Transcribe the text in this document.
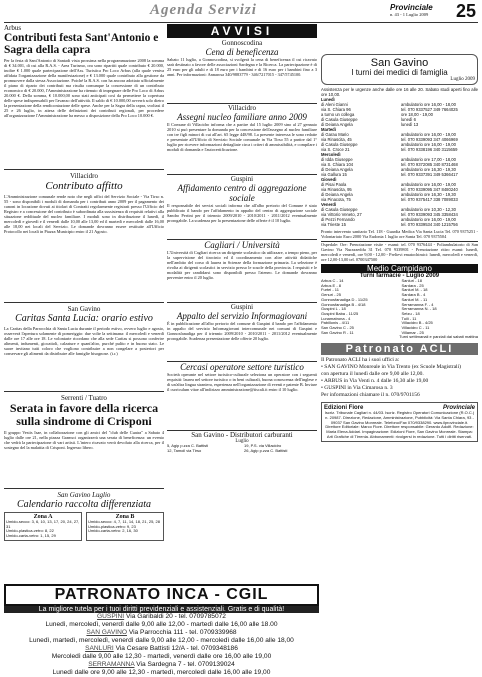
Agenda Servizi	Provinciale
n. 43 - 1 Luglio 2009 25
Arbus
Contributi festa Sant'Antonio e Sagra della capra
Per la festa di Sant'Antonio di Santadi vista prossima nella programmazione 2008 la somma di € 34.001, di cui alla R.A.S. - Area Turismo, ora sono ripartiti quale contributo € 20.000, inoltre € 1.000 quale partecipazione dell'Ass. Turistica Pro Loco Arbus (alla quale veniva affidata l'organizzazione della manifestazione) e € 13.000 quale contributo alla gestione da promuovere dalla stessa Associazione. Poiché la R.A.S. con ha ancora adottato ufficialmente il piano di riparto dei contributi ma risulta comunque la concessione di un contributo economico di € 20.000, l'Amministrazione ha ritenuto di impegnare delle Pro Loco di Arbus 20.000 €. Della somma, € 10.000,00 sono stati anticipati così da permettere la copertura delle spese indispensabili per l'avanzo dell'attività. Il saldo di € 10.000,00 avverrà solo dietro la presentazione della rendicontazione delle spese. Anche per la Sagra della capra, svoltasi il 25 e 26 luglio, in attesa delle definizioni dei contributi regionali, per procedere all'organizzazione l'Amministrazione ha messo a disposizione della Pro Loco 10.000 €.
Villacidro
Contributo affitto
L'Amministrazione comunale rende noto che negli uffici del Servizio Sociale - Via Tirso n. 55 - sono disponibili i moduli di domanda per i contributi anno 2009 per il pagamento dei canoni in locazione dovuti ai titolari di Contratti regolarmente registrati presso l'Ufficio del Registro e a concessione del contributo è subordinata alla sussistenza di requisiti relativi alla situazione reddituale del nucleo familiare. I moduli sono in distribuzione il lunedì, il mercoledì e giovedì e il venerdì dalle 10,00 alle 13,00 ed il martedì e mercoledì dalle 16,00 alle 18,00 nei locali del Servizio. Le domande dovranno essere restituite all'Ufficio Protocollo nei locali in Piazza Municipio entro il 21 Agosto.
San Gavino
Caritas Santa Lucia: orario estivo
La Caritas della Parrocchia di Santa Lucia durante il periodo estivo, ovvero luglio e agosto, osserverà l'apertura solamente di pomeriggio: due volte la settimana: il mercoledì e venerdì dalle ore 17 alle ore 18. Le volontarie ricordano che alla sede Caritas si possono conferire alimenti, indumenti, giocattoli, calzature e quant'altro, purché pulito e in buono stato. Le suore invitano tutti coloro che vogliono contribuire a non congelare a posteriori per conservare gli alimenti da distribuire alle famiglie bisognose. (t.r.)
Serrenti / Tuatro
Serata in favore della ricerca sulla sindrome di Crisponi
Il gruppo Vestis Isae, in collaborazione con gli amici del "club delle Cuatra" a Sabato 4 luglio dalle ore 21, nella piazza Gramsci organizzerà una serata di beneficenza: un evento che vedrà la partecipazione di vari artisti. L'intero ricavato verrà devoluto alla ricerca, per il sostegno del la malattia di Crisponi. Ingresso libero.
San Gavino Luglio
Calendario raccolta differenziata
Zona A
Umido-secco: 3, 6, 10, 13, 17, 20, 24, 27, 31
Umido-plastica-vetro: 8, 22
Umido-carta-vetro: 1, 15, 29
Zona B
Umido-secco: 4, 7, 11, 14, 18, 21, 25, 28
Umido-plastica-vetro: 9, 23
Umido-carta-vetro: 2, 16, 30
AVVISI
Gonnoscodina
Cena di beneficenza
Sabato 11 luglio, a Gonnoscodina, si svolgerà la cena di beneficenza il cui ricavato sarà destinato a favore delle associazioni Sardegna e la Ricerca. La partecipazione è di 25 euro per gli adulti e di 18 euro per i bambini e di 16 euro per i bambini fino a 3 anni. Per informazioni: Annarosa 340/9883779 - 346/7217015 - 347/5745100.
Villacidro
Assegni nucleo familiare anno 2009
Il Comune di Villacidro informa che a partire dal 15 luglio 2009 sino al 27 gennaio 2010 si può presentare la domanda per la concessione dell'assegno al nucleo familiare con tre figli minori di cui all'art. 65 legge 448/98. La presente interessa le sono redatte e presentate all'Ufficio di Servizio Sociale comunale in Via Tirso 55 a partire dal 1° luglio per ricevere informazioni dettagliate circa i criteri di ammissibilità, e compilare i moduli di domanda e l'autocertificazione.
Guspini
Affidamento centro di aggregazione sociale
Il responsabile dei servizi sociali informa che all'albo pretorio del Comune è stato pubblicato il bando per l'affidamento in appalto del centro di aggregazione sociale Sandro Pertini per il triennio 2009/2010 - 2010/2011 - 2011/2012 eventualmente prorogabile. La scadenza per la presentazione delle offerte è il 10 luglio.
Cagliari / Università
L'Università di Cagliari ricerca un dirigente scolastico da utilizzare, a tempo pieno, per la supervisione del tirocinio ed il coordinamento con altre attività didattiche nell'ambito del corso di laurea in Scienze della formazione primaria. La selezione è rivolta ai dirigenti scolastici in servizio presso le scuole della provincia. I requisiti e le modalità per candidarsi sono disponibili presso l'ateneo. Le domande dovranno pervenire entro il 20 luglio.
Guspini
Appalto del servizio Informagiovani
È in pubblicazione all'albo pretorio del comune di Guspini il bando per l'affidamento in appalto del servizio Informagiovani intercomunale nei comuni di Guspini e Gonnosfanadiga per il triennio 2009/2010 - 2010/2011 - 2011/2012 eventualmente prorogabile. Scadenza presentazione delle offerte 20 luglio.
Cercasi operatore settore turistico
Società operante nel settore turistico-culturale seleziona un operatore con i seguenti requisiti: laurea nel settore turistico o in beni culturali, buona conoscenza dell'inglese e di un'altra lingua straniera, esperienza nell'organizzazione di eventi e patente B. Inviare il curriculum vitae all'indirizzo amministrazione@tiscali.it entro il 10 luglio.
San Gavino - Distributori carburanti
Luglio
5, Agip p.zza C. Battisti
12, Tamoil via Tirso
19, P.S. via Villacidro
26, Agip p.zza C. Battisti
San Gavino
I turni dei medici di famiglia
Luglio 2009
Assistenza per le urgenze anche dalle ore 16 alle 20. Sabato studi aperti fino alle ore 10,00.
Lunedì
di Aleni Gianni	ambulatorio ore 16,00 - 18,00
via S. Chiara 96	tel. 070 9337527 349 7664025
a turno un collega	ore 18,00 - 19,00
di Casula Giuseppe	lunedì 6
di Deiana Angela	lunedì 13
Martedì
di Garau Mario	ambulatorio ore 16,00 - 19,00
via Rinascita, 45	tel. 070 9339093 347 4066969
di Casula Giuseppe	ambulatorio ore 16,00 - 19,00
via S. Croce 21	tel. 070 9338196 340 3115659
Mercoledì
di Idda Giuseppe	ambulatorio ore 17,00 - 18,00
via S. Chiara 104	tel. 070 9372085 340 8731468
di Deiana Angela	ambulatorio ore 16,30 - 19,30
via Gallura 15	tel. 070 9337391 349 5366417
Giovedì
di Pisai Paola	ambulatorio ore 16,00 - 19,00
via Rinascita, 95	tel. 070 9339095 347 8480240
di Deiana Angela	ambulatorio ore 16,30 - 19,30
via Pinacota, 75	tel. 070 9375417 338 7089033
Venerdì
di Casula Giuseppe	ambulatorio ore 10,30 - 12,30
via Vittorio Veneto, 27	tel. 070 9339093 345 3358434
di Pezzi Fernando	ambulatorio ore 16,00 - 19,00
via Trieste 15	tel. 070 9339534 340 1215756
Pronto intervento sanitario Tel. 118 - Guardia Medica Via Santa Lucia Tel. 070 9375251 - Volontariato Euro 2000 Via Eudonia 1 luglio ore Santa Tel. 070 9375504
Ospedale: Ore: Prenotazione visite - esami: tel. 070 9376444 - Poliambulatorio di San Gavino Via Nurazzeddu 31 Tel. 070 9339801 - Prenotazione ritiro esami: lunedì, mercoledì e venerdì, ore 9,00 - 12,00 - Prelievi ematochimici: lunedì, mercoledì e venerdì, ore 12,00-13,00 tel. 0700347500
Medio Campidano
Turni farmacie - Luglio 2009
Arbus C - 14
Arbus E - 8
Furtei - 11
Genuri - 25
Gonnosfanadiga D - 11/25
Gonnosfanadiga B - 4/18
Guspini L - 18
Guspini Baba - 11/25
Lunamatrona - 4
Pabillonis - 4/11
San Gavino C - 25
San Gavino R - 11
Sanluri - 18
Sardara - 25
Sanluri M. - 18
Sardara B - 4
Sanluri M. - 11
Serramanna F. - 4
Serramanna N. - 18
Setzu - 18
Tuili - 11
Villacidro B - 4/25
Villacidro C - 11
Villamar - 25
Turni settimanali e parziali dai sabati mattina
Patronato ACLI
Il Patronato ACLI ha i suoi uffici a:
• SAN GAVINO Monreale in Via Trento (ex Scuole Magistrali)
con apertura il lunedì dalle ore 9,00 alle 12,00.
• ARBUS in Via Venti n. 4 dalle 16,30 alle 19,00
• GUSPINI in Via Cimarosa n. 3
Per informazioni chiamare il n. 070/9701156
Edizioni Fiore	Provinciale
Iscriz. Tribunale Cagliari n. 44/03. Iscriz. Registro Operatori Comunicazione (R.O.C.) n. 20987. Direzione, Redazione, Amministrazione, Pubblicità: Via Santa Chiara, 93 - 09037 San Gavino Monreale. Telefono/Fax 070/9338290. www.ilprovinciale.it. Direttore Editoriale: Marco Flore. Direttore responsabile: Gerardo Adolfi. Redazione: Maria Elena Addari. Impaginazione: Edizioni Fiore, San Gavino Monreale. Stampa: Arti Grafiche di Tirrenia. Abbonamenti: rivolgersi in redazione. Tutti i diritti riservati.
PATRONATO INCA - CGIL
La migliore tutela per i tuoi diritti previdenziali e assistenziali. Gratis e di qualità!
GUSPINI Via Garibaldi 20 - tel. 0709785072
Lunedì, mercoledì, venerdì dalle 9,00 alle 12,00 - martedì dalle 16,00 alle 18.00
SAN GAVINO Via Parrocchia 111 - tel. 0709339968
Lunedì, martedì, mercoledì, venerdì dalle 9,00 alle 12,00 - mercoledì dalle 16,00 alle 18,00
SANLURI Via Cesare Battisti 12/A - tel. 0709348186
Mercoledì dalle 9,00 alle 12,30 - martedì, venerdì dalle ore 16,00 alle 19,00
SERRAMANNA Via Sardegna 7 - tel. 0709139024
Lunedì dalle ore 9,00 alle 12,30 - martedì, mercoledì dalle 16,00 alle 19,00
